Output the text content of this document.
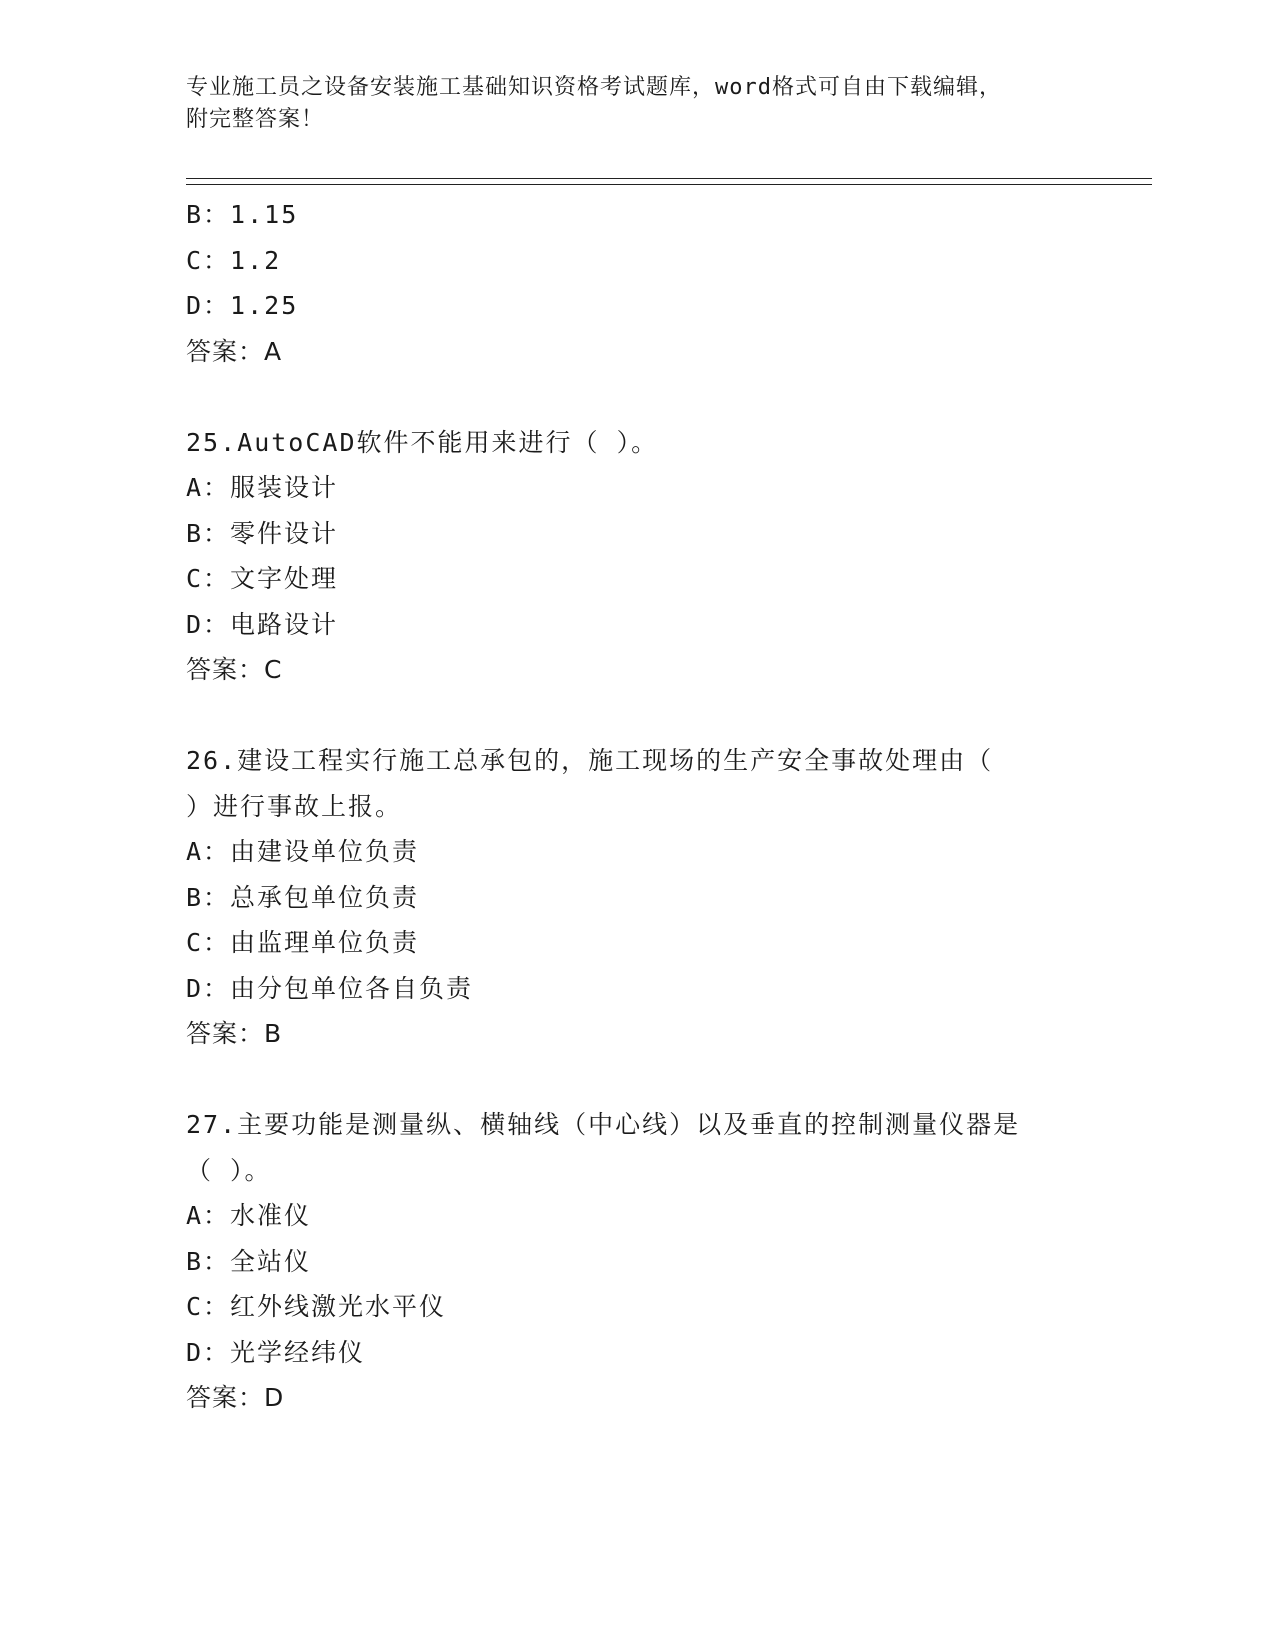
专业施工员之设备安装施工基础知识资格考试题库，word格式可自由下载编辑，
附完整答案！
B：1.15
C：1.2
D：1.25
答案：A
25.AutoCAD软件不能用来进行（ ）。
A：服装设计
B：零件设计
C：文字处理
D：电路设计
答案：C
26.建设工程实行施工总承包的，施工现场的生产安全事故处理由（
）进行事故上报。
A：由建设单位负责
B：总承包单位负责
C：由监理单位负责
D：由分包单位各自负责
答案：B
27.主要功能是测量纵、横轴线（中心线）以及垂直的控制测量仪器是
（ ）。
A：水准仪
B：全站仪
C：红外线激光水平仪
D：光学经纬仪
答案：D
